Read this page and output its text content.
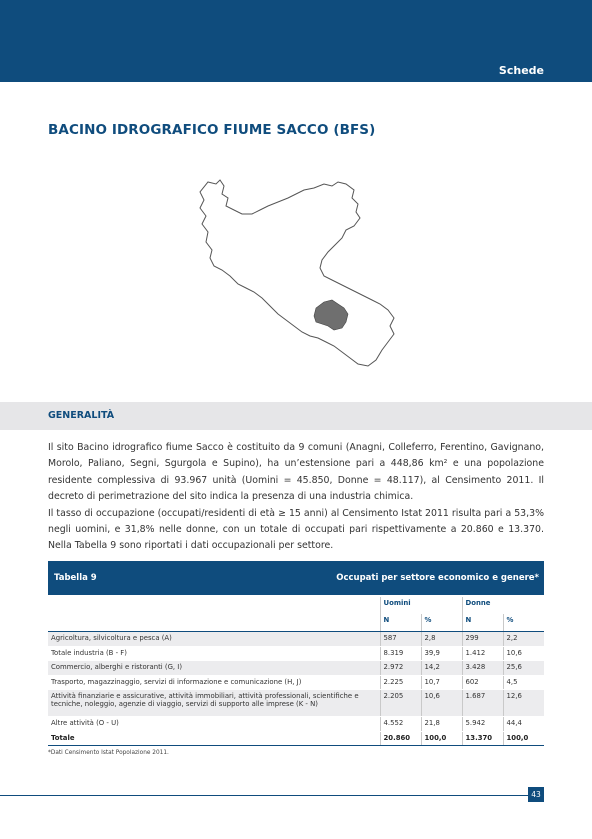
Schede
BACINO IDROGRAFICO FIUME SACCO (BFS)
GENERALITÀ

Il sito Bacino idrografico fiume Sacco è costituito da 9 comuni (Anagni, Colleferro, Ferentino, Gavignano, Morolo, Paliano, Segni, Sgurgola e Supino), ha un’estensione pari a 448,86 km² e una popolazione residente complessiva di 93.967 unità (Uomini = 45.850, Donne = 48.117), al Censimento 2011. Il decreto di perimetrazione del sito indica la presenza di una industria chimica.

Il tasso di occupazione (occupati/residenti di età ≥ 15 anni) al Censimento Istat 2011 risulta pari a 53,3% negli uomini, e 31,8% nelle donne, con un totale di occupati pari rispettivamente a 20.860 e 13.370. Nella Tabella 9 sono riportati i dati occupazionali per settore.

Tabella 9	Occupati per settore economico e genere*
	Uomini		Donne	
	N	%	N	%
Agricoltura, silvicoltura e pesca (A)	587	2,8	299	2,2
Totale industria (B - F)	8.319	39,9	1.412	10,6
Commercio, alberghi e ristoranti (G, I)	2.972	14,2	3.428	25,6
Trasporto, magazzinaggio, servizi di informazione e comunicazione (H, J)	2.225	10,7	602	4,5
Attività finanziarie e assicurative, attività immobiliari, attività professionali, scientifiche e tecniche, noleggio, agenzie di viaggio, servizi di supporto alle imprese (K - N)	2.205	10,6	1.687	12,6
Altre attività (O - U)	4.552	21,8	5.942	44,4
Totale	20.860	100,0	13.370	100,0
*Dati Censimento Istat Popolazione 2011.
43
